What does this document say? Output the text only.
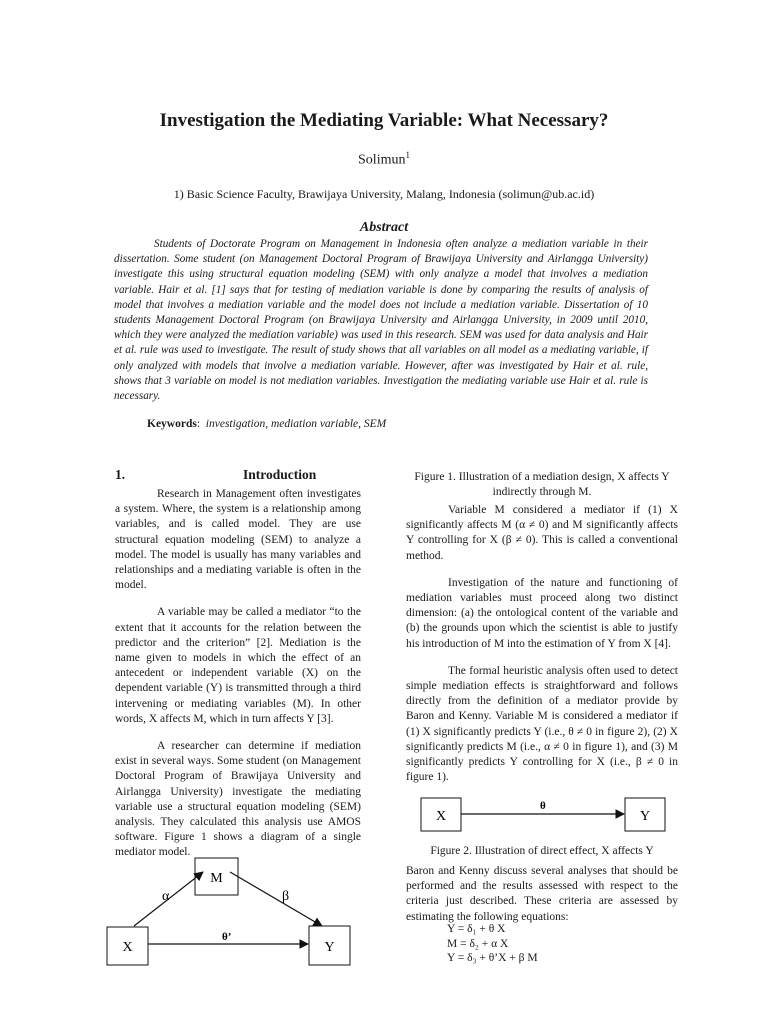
Investigation the Mediating Variable: What Necessary?
Solimun$^1$
1) Basic Science Faculty, Brawijaya University, Malang, Indonesia (solimun@ub.ac.id)
Abstract

Students of Doctorate Program on Management in Indonesia often analyze a mediation variable in their dissertation. Some student (on Management Doctoral Program of Brawijaya University and Airlangga University) investigate this using structural equation modeling (SEM) with only analyze a model that involves a mediation variable. Hair et al. [1] says that for testing of mediation variable is done by comparing the results of analysis of model that involves a mediation variable and the model does not include a mediation variable. Dissertation of 10 students Management Doctoral Program (on Brawijaya University and Airlangga University, in 2009 until 2010, which they were analyzed the mediation variable) was used in this research. SEM was used for data analysis and Hair et al. rule was used to investigate. The result of study shows that all variables on all model as a mediating variable, if only analyzed with models that involve a mediation variable. However, after was investigated by Hair et al. rule, shows that 3 variable on model is not mediation variables. Investigation the mediating variable use Hair et al. rule is necessary.

Keywords:  investigation, mediation variable, SEM
1.	Introduction

Research in Management often investigates a system. Where, the system is a relationship among variables, and is called model. They are use structural equation modeling (SEM) to analyze a model. The model is usually has many variables and relationships and a mediating variable is often in the model.

A variable may be called a mediator “to the extent that it accounts for the relation between the predictor and the criterion” [2]. Mediation is the name given to models in which the effect of an antecedent or independent variable (X) on the dependent variable (Y) is transmitted through a third intervening or mediating variables (M). In other words, X affects M, which in turn affects Y [3].

A researcher can determine if mediation exist in several ways. Some student (on Management Doctoral Program of Brawijaya University and Airlangga University) investigate the mediating variable use a structural equation modeling (SEM) analysis. They calculated this analysis use AMOS software. Figure 1 shows a diagram of a single mediator model.

Figure 1. Illustration of a mediation design, X affects Y indirectly through M.

Variable M considered a mediator if (1) X significantly affects M (α ≠ 0) and M significantly affects Y controlling for X (β ≠ 0). This is called a conventional method.

Investigation of the nature and functioning of mediation variables must proceed along two distinct dimension: (a) the ontological content of the variable and (b) the grounds upon which the scientist is able to justify his introduction of M into the estimation of Y from X [4].

The formal heuristic analysis often used to detect simple mediation effects is straightforward and follows directly from the definition of a mediator provide by Baron and Kenny. Variable M is considered a mediator if (1) X significantly predicts Y (i.e., θ ≠ 0 in figure 2), (2) X significantly predicts M (i.e., α ≠ 0 in figure 1), and (3) M significantly predicts Y controlling for X (i.e., β ≠ 0 in figure 1).

Figure 2. Illustration of direct effect, X affects Y

Baron and Kenny discuss several analyses that should be performed and the results assessed with respect to the criteria just described. These criteria are assessed by estimating the following equations:

Y = δ₁ + θ X
M = δ₂ + α X
Y = δ₃ + θ’X + β M
M
X	Y
α	β
θ’
X	Y
θ
